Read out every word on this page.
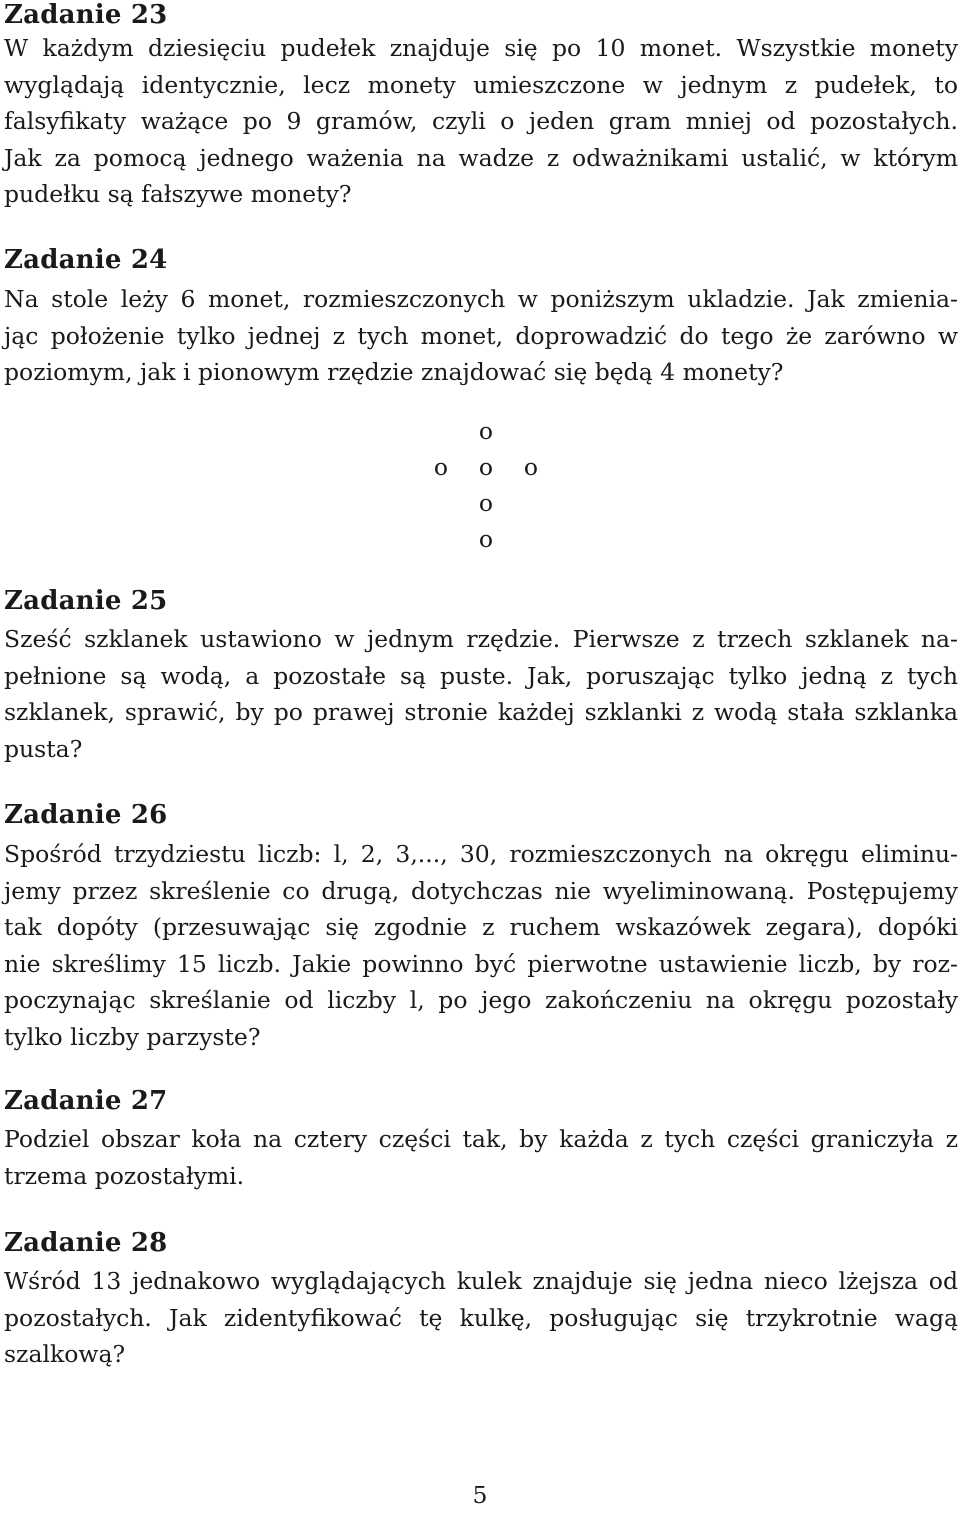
Zadanie 23
W każdym dziesięciu pudełek znajduje się po 10 monet. Wszystkie monety
wyglądają identycznie, lecz monety umieszczone w jednym z pudełek, to
falsyfikaty ważące po 9 gramów, czyli o jeden gram mniej od pozostałych.
Jak za pomocą jednego ważenia na wadze z odważnikami ustalić, w którym
pudełku są fałszywe monety?
Zadanie 24
Na stole leży 6 monet, rozmieszczonych w poniższym ukladzie. Jak zmienia-
jąc położenie tylko jednej z tych monet, doprowadzić do tego że zarówno w
poziomym, jak i pionowym rzędzie znajdować się będą 4 monety?
o
o o o
o
o
Zadanie 25
Sześć szklanek ustawiono w jednym rzędzie. Pierwsze z trzech szklanek na-
pełnione są wodą, a pozostałe są puste. Jak, poruszając tylko jedną z tych
szklanek, sprawić, by po prawej stronie każdej szklanki z wodą stała szklanka
pusta?
Zadanie 26
Spośród trzydziestu liczb: l, 2, 3,..., 30, rozmieszczonych na okręgu eliminu-
jemy przez skreślenie co drugą, dotychczas nie wyeliminowaną. Postępujemy
tak dopóty (przesuwając się zgodnie z ruchem wskazówek zegara), dopóki
nie skreślimy 15 liczb. Jakie powinno być pierwotne ustawienie liczb, by roz-
poczynając skreślanie od liczby l, po jego zakończeniu na okręgu pozostały
tylko liczby parzyste?
Zadanie 27
Podziel obszar koła na cztery części tak, by każda z tych części graniczyła z
trzema pozostałymi.
Zadanie 28
Wśród 13 jednakowo wyglądających kulek znajduje się jedna nieco lżejsza od
pozostałych. Jak zidentyfikować tę kulkę, posługując się trzykrotnie wagą
szalkową?
5
